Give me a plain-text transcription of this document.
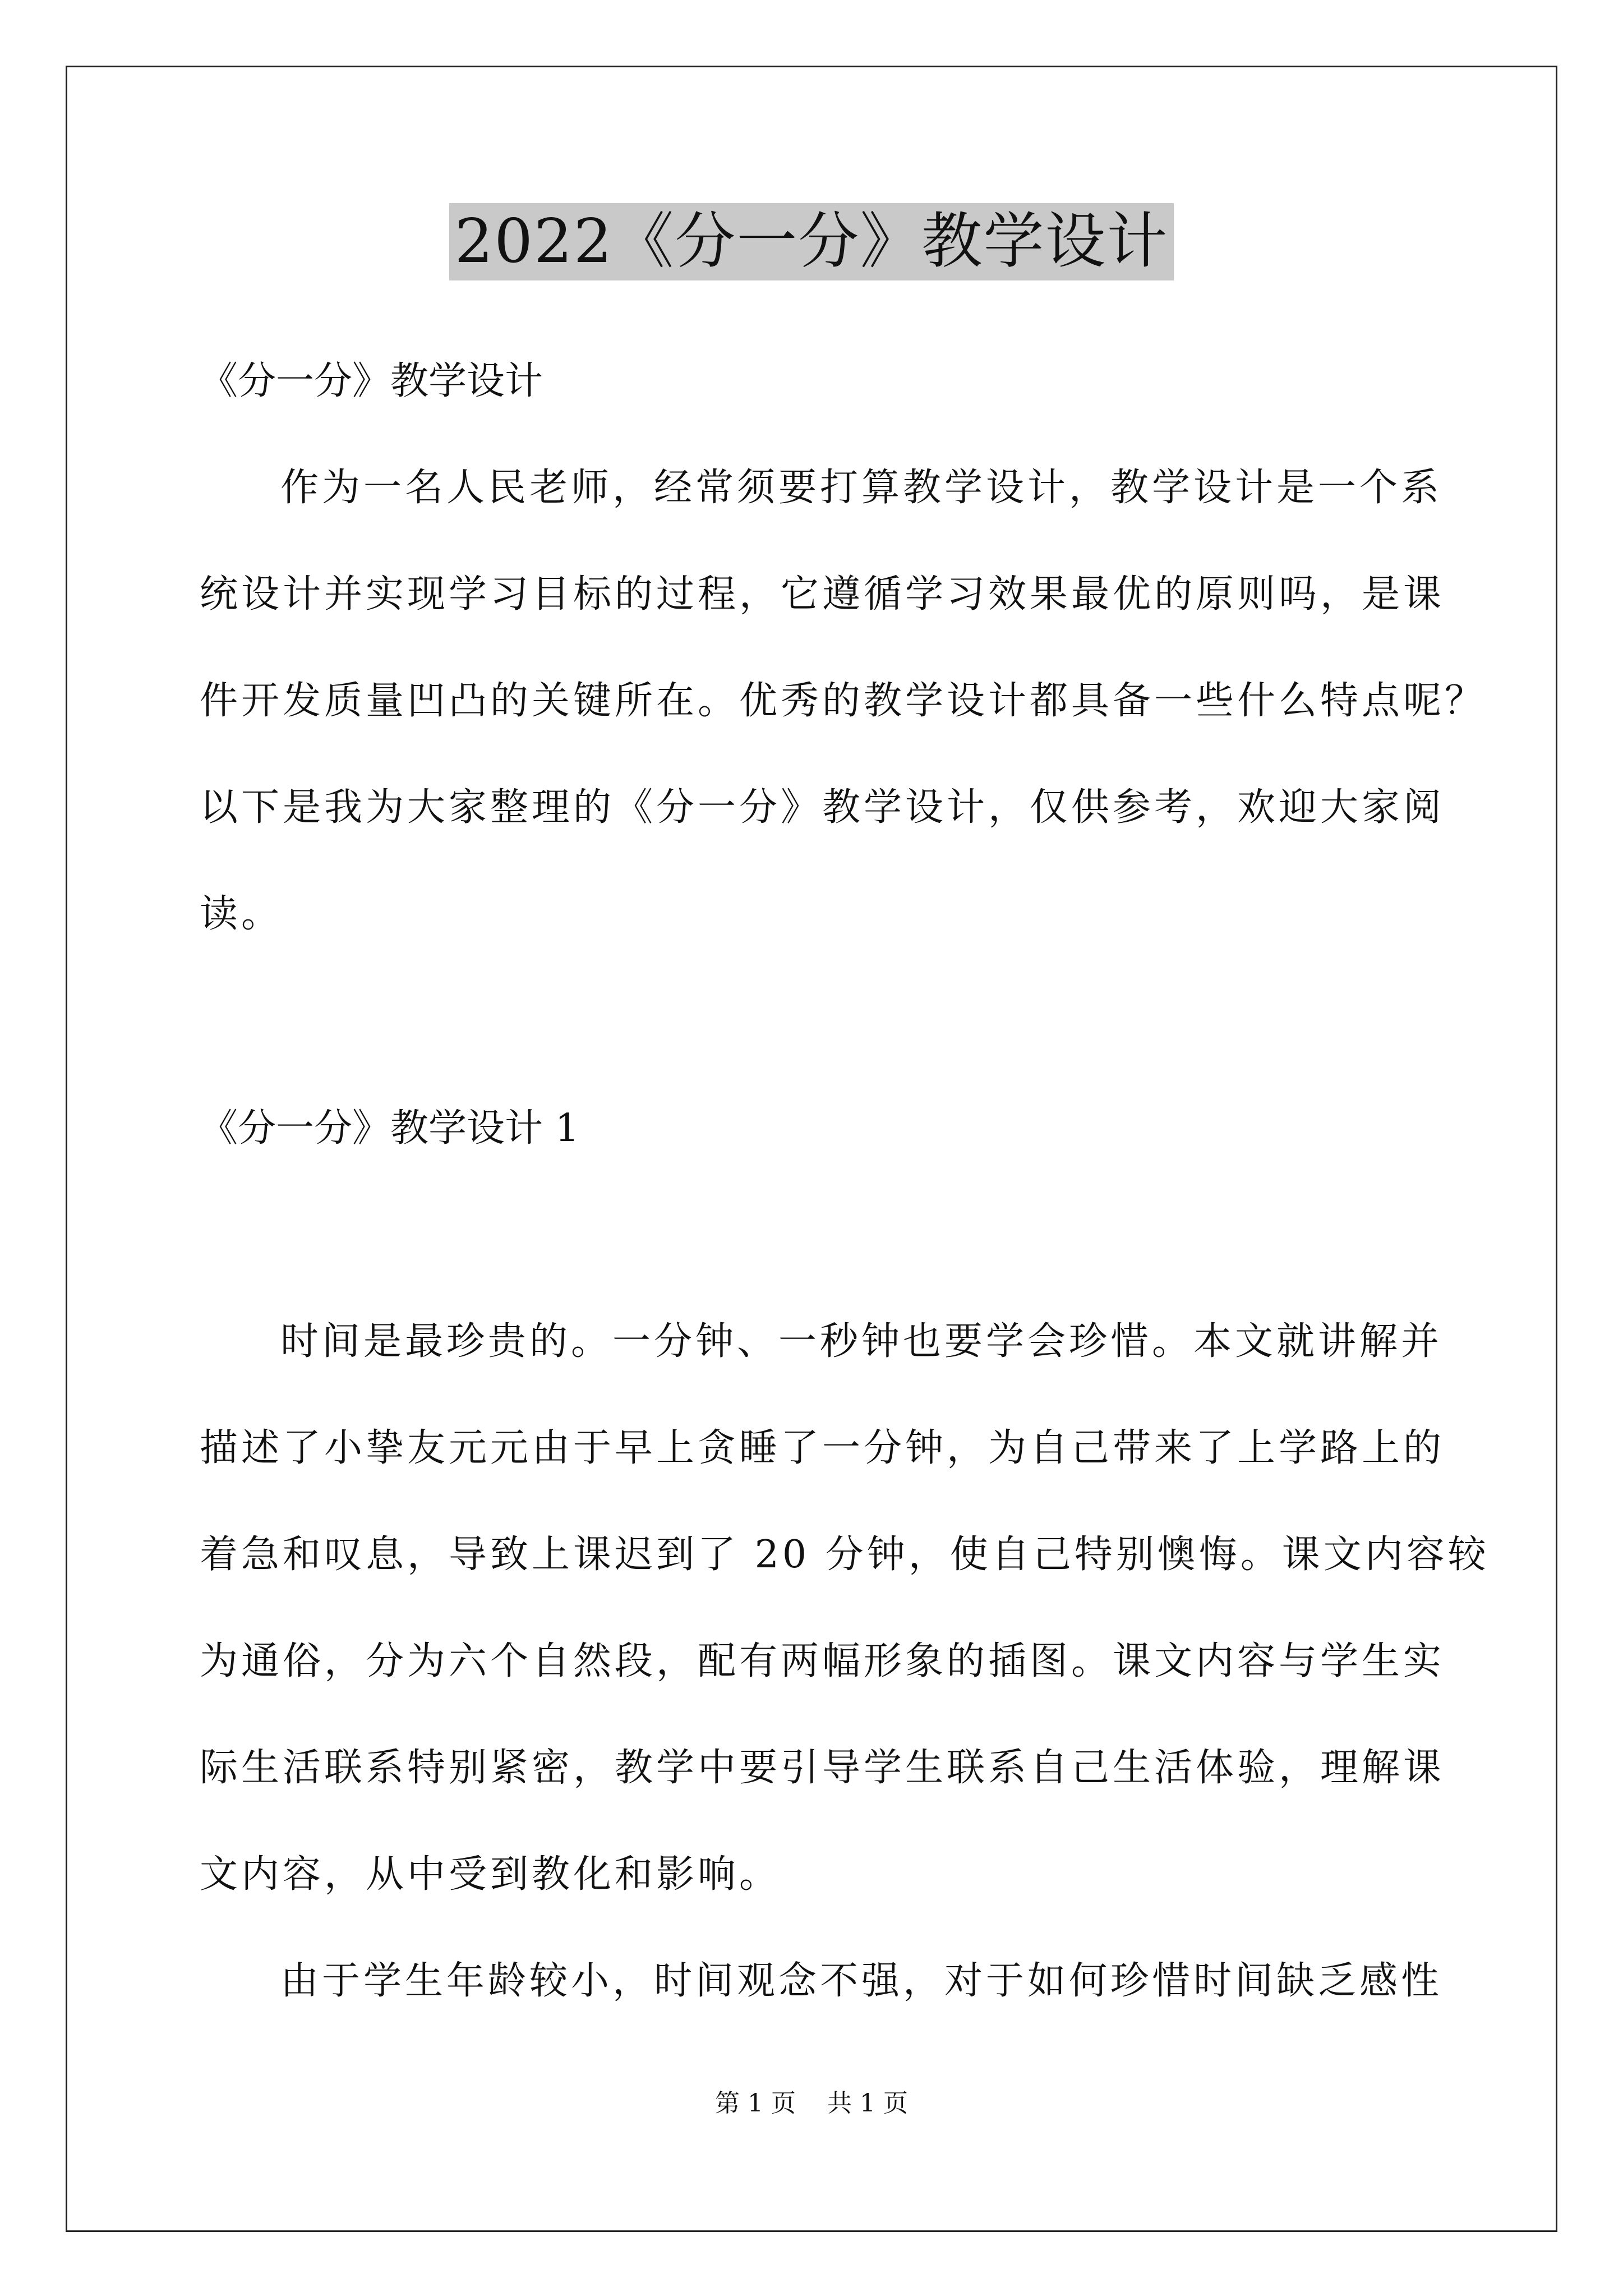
2022《分一分》教学设计
《分一分》教学设计
作为一名人民老师，经常须要打算教学设计，教学设计是一个系
统设计并实现学习目标的过程，它遵循学习效果最优的原则吗，是课
件开发质量凹凸的关键所在。优秀的教学设计都具备一些什么特点呢？
以下是我为大家整理的《分一分》教学设计，仅供参考，欢迎大家阅
读。
《分一分》教学设计 1
时间是最珍贵的。一分钟、一秒钟也要学会珍惜。本文就讲解并
描述了小挚友元元由于早上贪睡了一分钟，为自己带来了上学路上的
着急和叹息，导致上课迟到了 20 分钟，使自己特别懊悔。课文内容较
为通俗，分为六个自然段，配有两幅形象的插图。课文内容与学生实
际生活联系特别紧密，教学中要引导学生联系自己生活体验，理解课
文内容，从中受到教化和影响。
由于学生年龄较小，时间观念不强，对于如何珍惜时间缺乏感性
第 1 页 共 1 页
